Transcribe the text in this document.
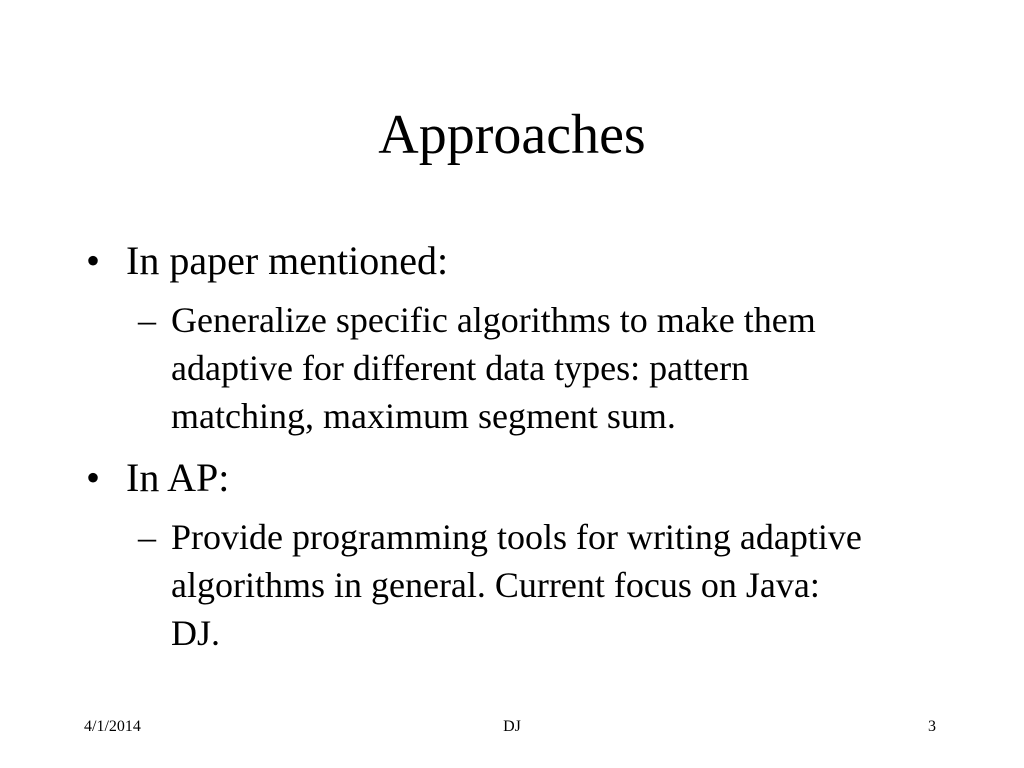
Approaches
• In paper mentioned:
– Generalize specific algorithms to make them
adaptive for different data types: pattern
matching, maximum segment sum.
• In AP:
– Provide programming tools for writing adaptive
algorithms in general. Current focus on Java:
DJ.
4/1/2014	DJ	3
